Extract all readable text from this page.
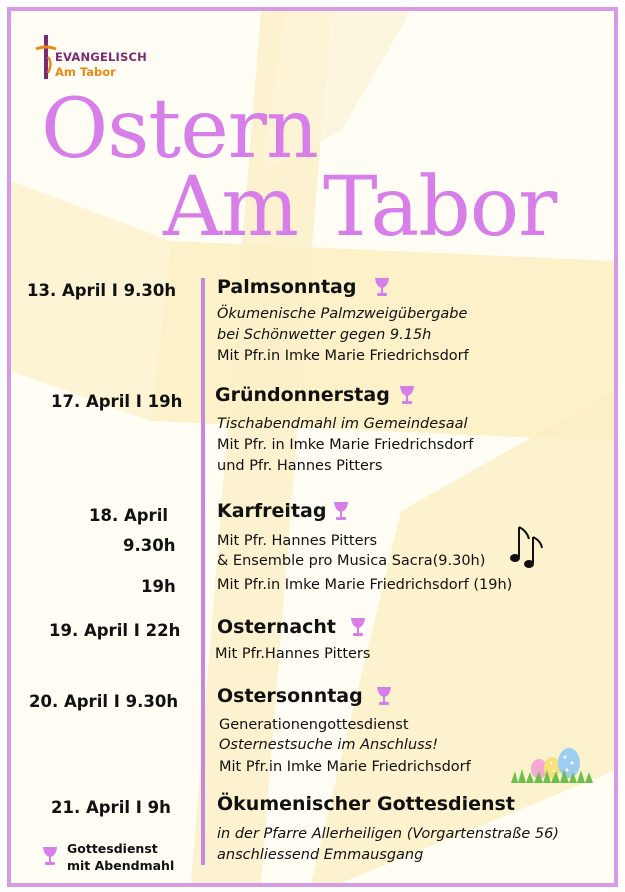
EVANGELISCH
Am Tabor
Ostern
Am Tabor
13. April I 9.30h Palmsonntag
Ökumenische Palmzweigübergabe
bei Schönwetter gegen 9.15h
Mit Pfr.in Imke Marie Friedrichsdorf
17. April I 19h Gründonnerstag
Tischabendmahl im Gemeindesaal
Mit Pfr. in Imke Marie Friedrichsdorf
und Pfr. Hannes Pitters
18. April
9.30h
19h
Karfreitag
Mit Pfr. Hannes Pitters
& Ensemble pro Musica Sacra(9.30h)
Mit Pfr.in Imke Marie Friedrichsdorf (19h)
19. April I 22h Osternacht
Mit Pfr.Hannes Pitters
20. April I 9.30h Ostersonntag
Generationengottesdienst
Osternestsuche im Anschluss!
Mit Pfr.in Imke Marie Friedrichsdorf
21. April I 9h Ökumenischer Gottesdienst
in der Pfarre Allerheiligen (Vorgartenstraße 56)
anschliessend Emmausgang
Gottesdienst
mit Abendmahl
